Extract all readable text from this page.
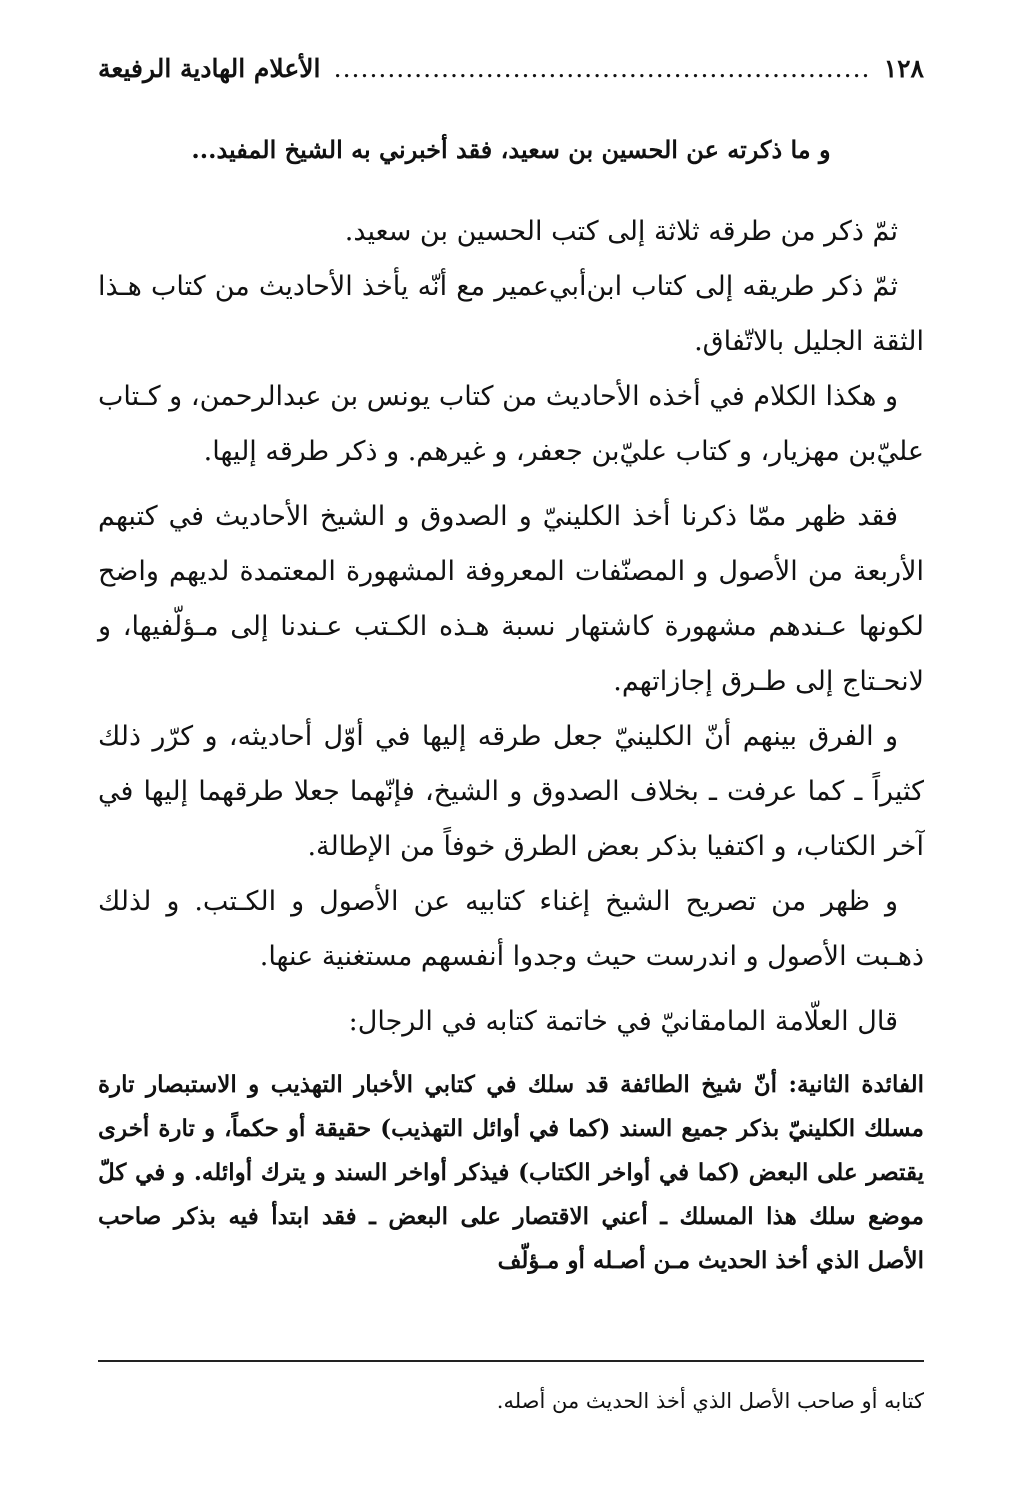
١٢٨
............................................................
الأعلام الهادية الرفيعة

و ما ذكرته عن الحسين بن سعيد، فقد أخبرني به الشيخ المفيد...

ثمّ ذكر من طرقه ثلاثة إلى كتب الحسين بن سعيد.

ثمّ ذكر طريقه إلى كتاب ابن‌أبي‌عمير مع أنّه يأخذ الأحاديث من كتاب هـذا الثقة الجليل بالاتّفاق.

و هكذا الكلام في أخذه الأحاديث من كتاب يونس بن عبدالرحمن، و كـتاب عليّ‌بن مهزيار، و كتاب عليّ‌بن جعفر، و غيرهم. و ذكر طرقه إليها.

فقد ظهر ممّا ذكرنا أخذ الكلينيّ و الصدوق و الشيخ الأحاديث في كتبهم الأربعة من الأصول و المصنّفات المعروفة المشهورة المعتمدة لديهم واضح لكونها عـندهم مشهورة كاشتهار نسبة هـذه الكـتب عـندنا إلى مـؤلّفيها، و لانحـتاج إلى طـرق إجازاتهم.

و الفرق بينهم أنّ الكلينيّ جعل طرقه إليها في أوّل أحاديثه، و كرّر ذلك كثيراً ـ كما عرفت ـ بخلاف الصدوق و الشيخ، فإنّهما جعلا طرقهما إليها في آخر الكتاب، و اكتفيا بذكر بعض الطرق خوفاً من الإطالة.

و ظهر من تصريح الشيخ إغناء كتابيه عن الأصول و الكـتب. و لذلك ذهـبت الأصول و اندرست حيث وجدوا أنفسهم مستغنية عنها.

قال العلّامة المامقانيّ في خاتمة كتابه في الرجال:

الفائدة الثانية: أنّ شيخ الطائفة قد سلك في كتابي الأخبار التهذيب و الاستبصار تارة مسلك الكلينيّ بذكر جميع السند (كما في أوائل التهذيب) حقيقة أو حكماً، و تارة أخرى يقتصر على البعض (كما في أواخر الكتاب) فيذكر أواخر السند و يترك أوائله. و في كلّ موضع سلك هذا المسلك ـ أعني الاقتصار على البعض ـ فقد ابتدأ فيه بذكر صاحب الأصل الذي أخذ الحديث مـن أصـله أو مـؤلّف

كتابه أو صاحب الأصل الذي أخذ الحديث من أصله.
